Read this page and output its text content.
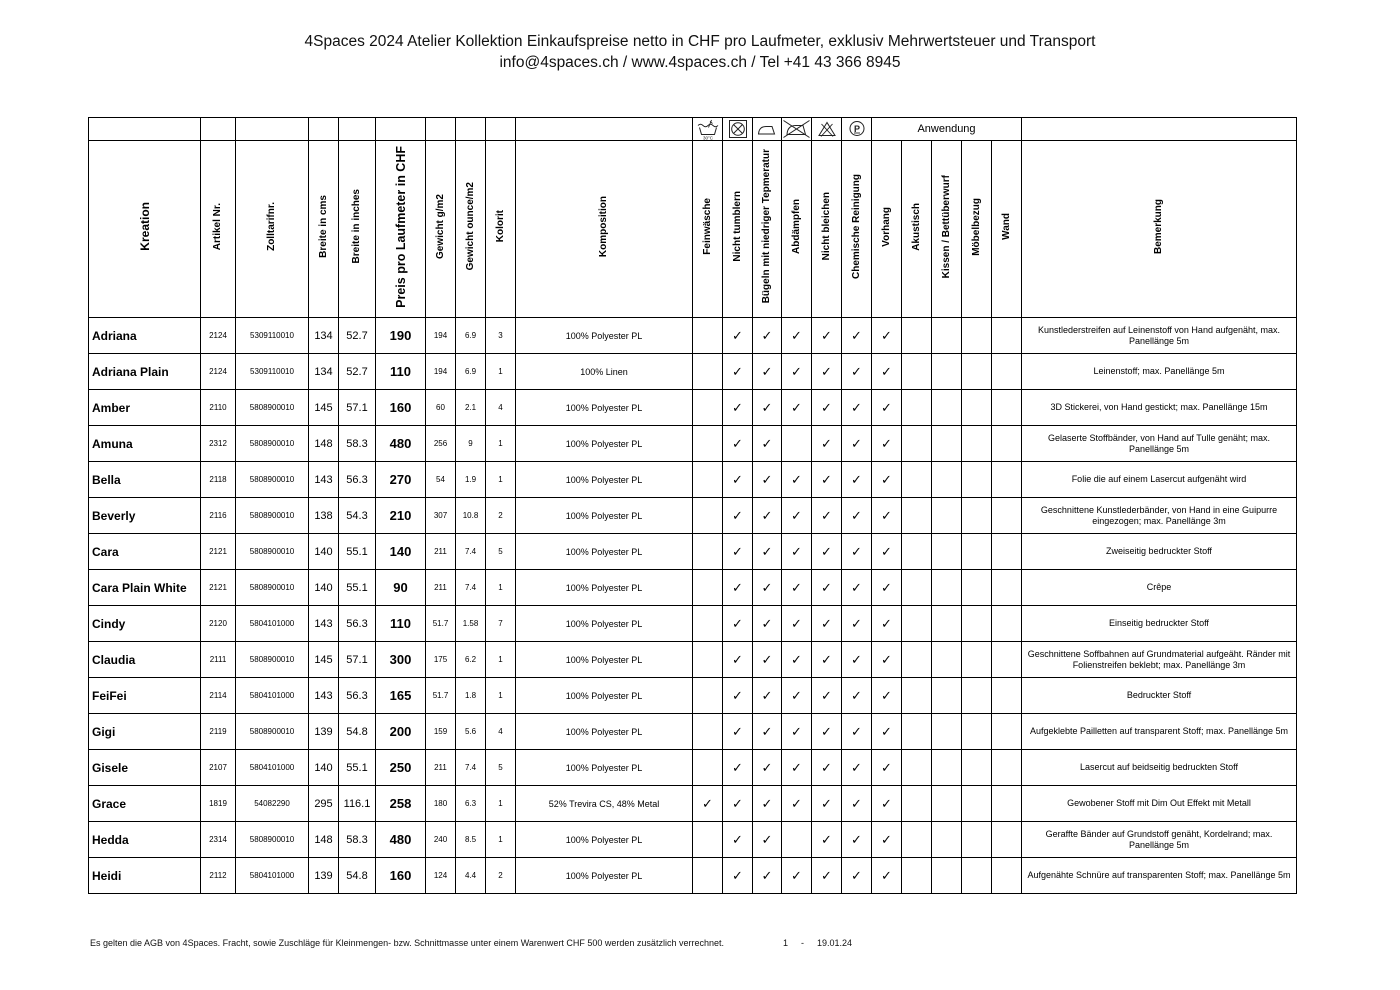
4Spaces 2024 Atelier Kollektion Einkaufspreise netto in CHF pro Laufmeter, exklusiv Mehrwertsteuer und Transport
info@4spaces.ch / www.4spaces.ch / Tel +41 43 366 8945

30°C					P	Anwendung					
Kreation	Artikel Nr.	Zolltarifnr.	Breite in cms	Breite in inches	Preis pro Laufmeter in CHF	Gewicht g/m2	Gewicht ounce/m2	Kolorit	Komposition	Feinwäsche	Nicht tumblern	Bügeln mit niedriger Tepmeratur	Abdämpfen	Nicht bleichen	Chemische Reinigung	Vorhang	Akustisch	Kissen / Bettüberwurf	Möbelbezug	Wand	Bemerkung
Adriana	2124	5309110010	134	52.7	190	194	6.9	3	100% Polyester PL		✓	✓	✓	✓	✓	✓					Kunstlederstreifen auf Leinenstoff von Hand aufgenäht, max. Panellänge 5m
Adriana Plain	2124	5309110010	134	52.7	110	194	6.9	1	100% Linen		✓	✓	✓	✓	✓	✓					Leinenstoff; max. Panellänge 5m
Amber	2110	5808900010	145	57.1	160	60	2.1	4	100% Polyester PL		✓	✓	✓	✓	✓	✓					3D Stickerei, von Hand gestickt; max. Panellänge 15m
Amuna	2312	5808900010	148	58.3	480	256	9	1	100% Polyester PL		✓	✓		✓	✓	✓					Gelaserte Stoffbänder, von Hand auf Tulle genäht; max. Panellänge 5m
Bella	2118	5808900010	143	56.3	270	54	1.9	1	100% Polyester PL		✓	✓	✓	✓	✓	✓					Folie die auf einem Lasercut aufgenäht wird
Beverly	2116	5808900010	138	54.3	210	307	10.8	2	100% Polyester PL		✓	✓	✓	✓	✓	✓					Geschnittene Kunstlederbänder, von Hand in eine Guipurre eingezogen; max. Panellänge 3m
Cara	2121	5808900010	140	55.1	140	211	7.4	5	100% Polyester PL		✓	✓	✓	✓	✓	✓					Zweiseitig bedruckter Stoff
Cara Plain White	2121	5808900010	140	55.1	90	211	7.4	1	100% Polyester PL		✓	✓	✓	✓	✓	✓					Crêpe
Cindy	2120	5804101000	143	56.3	110	51.7	1.58	7	100% Polyester PL		✓	✓	✓	✓	✓	✓					Einseitig bedruckter Stoff
Claudia	2111	5808900010	145	57.1	300	175	6.2	1	100% Polyester PL		✓	✓	✓	✓	✓	✓					Geschnittene Soffbahnen auf Grundmaterial aufgeäht. Ränder mit Folienstreifen beklebt; max. Panellänge 3m
FeiFei	2114	5804101000	143	56.3	165	51.7	1.8	1	100% Polyester PL		✓	✓	✓	✓	✓	✓					Bedruckter Stoff
Gigi	2119	5808900010	139	54.8	200	159	5.6	4	100% Polyester PL		✓	✓	✓	✓	✓	✓					Aufgeklebte Pailletten auf transparent Stoff; max. Panellänge 5m
Gisele	2107	5804101000	140	55.1	250	211	7.4	5	100% Polyester PL		✓	✓	✓	✓	✓	✓					Lasercut auf beidseitig bedruckten Stoff
Grace	1819	54082290	295	116.1	258	180	6.3	1	52% Trevira CS, 48% Metal	✓	✓	✓	✓	✓	✓	✓					Gewobener Stoff mit Dim Out Effekt mit Metall
Hedda	2314	5808900010	148	58.3	480	240	8.5	1	100% Polyester PL		✓	✓		✓	✓	✓					Geraffte Bänder auf Grundstoff genäht, Kordelrand; max. Panellänge 5m
Heidi	2112	5804101000	139	54.8	160	124	4.4	2	100% Polyester PL		✓	✓	✓	✓	✓	✓					Aufgenähte Schnüre auf transparenten Stoff; max. Panellänge 5m
Es gelten die AGB von 4Spaces. Fracht, sowie Zuschläge für Kleinmengen- bzw. Schnittmasse unter einem Warenwert CHF 500 werden zusätzlich verrechnet.	1 - 19.01.24
